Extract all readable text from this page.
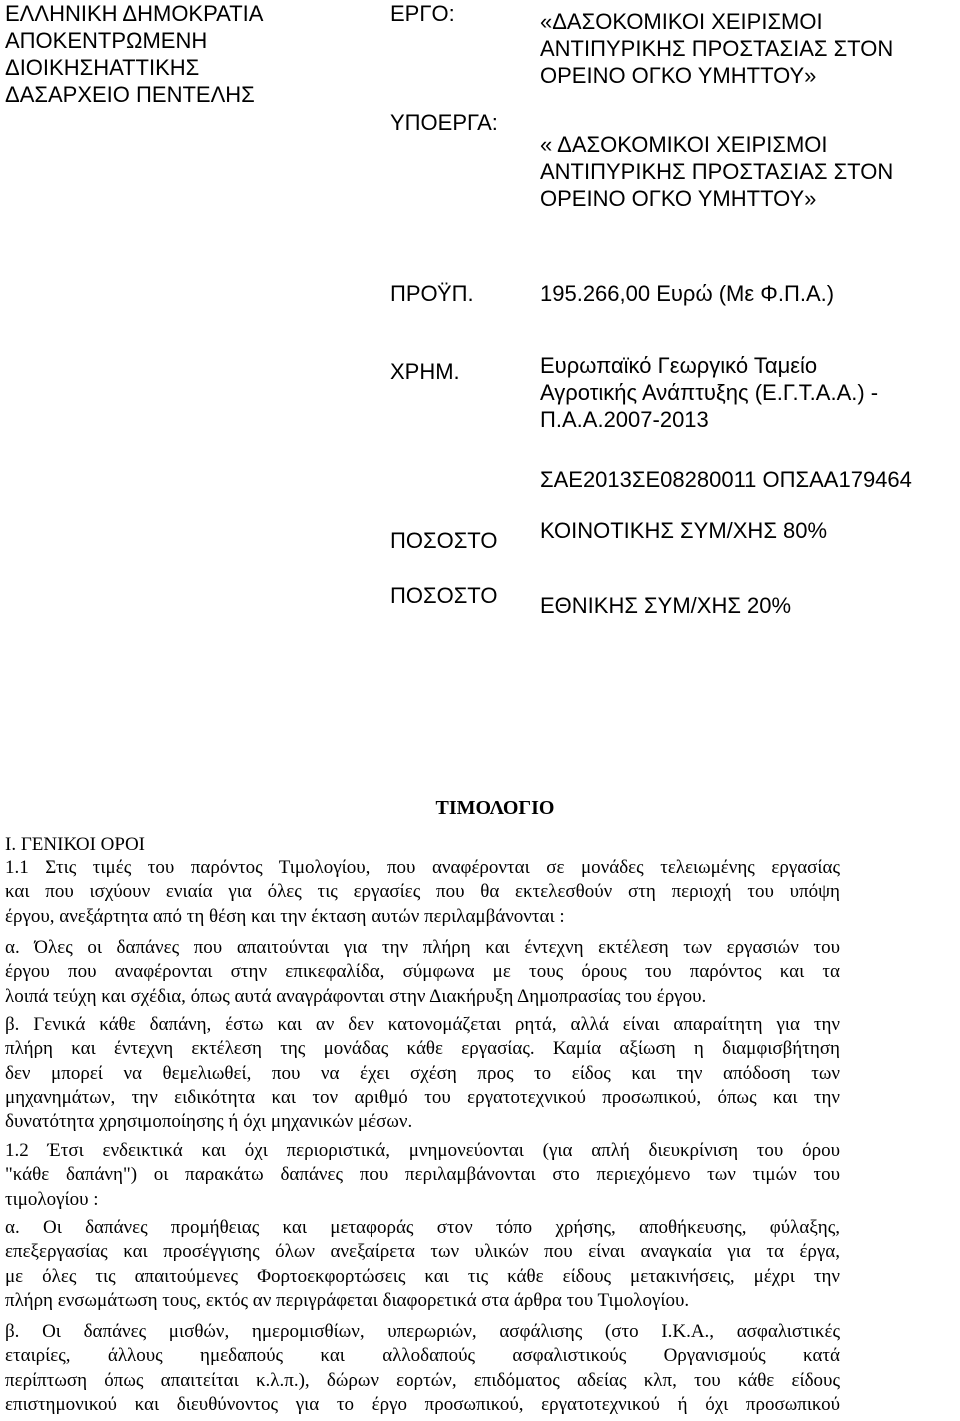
ΕΛΛΗΝΙΚΗ ΔΗΜΟΚΡΑΤΙΑ
ΑΠΟΚΕΝΤΡΩΜΕΝΗ
ΔΙΟΙΚΗΣΗΑΤΤΙΚΗΣ
ΔΑΣΑΡΧΕΙΟ ΠΕΝΤΕΛΗΣ
ΕΡΓΟ:	«ΔΑΣΟΚΟΜΙΚΟΙ ΧΕΙΡΙΣΜΟΙ
ΑΝΤΙΠΥΡΙΚΗΣ ΠΡΟΣΤΑΣΙΑΣ ΣΤΟΝ
ΟΡΕΙΝΟ ΟΓΚΟ ΥΜΗΤΤΟΥ»
ΥΠΟΕΡΓΑ:
« ΔΑΣΟΚΟΜΙΚΟΙ ΧΕΙΡΙΣΜΟΙ
ΑΝΤΙΠΥΡΙΚΗΣ ΠΡΟΣΤΑΣΙΑΣ ΣΤΟΝ
ΟΡΕΙΝΟ ΟΓΚΟ ΥΜΗΤΤΟΥ»
ΠΡΟΫΠ.	195.266,00 Ευρώ (Με Φ.Π.Α.)
ΧΡΗΜ.	Ευρωπαϊκό Γεωργικό Ταμείο
Αγροτικής Ανάπτυξης (Ε.Γ.Τ.Α.Α.) -
Π.Α.Α.2007-2013
ΣΑΕ2013ΣΕ08280011 ΟΠΣΑΑ179464
ΠΟΣΟΣΤΟ ΚΟΙΝΟΤΙΚΗΣ ΣΥΜ/ΧΗΣ 80%
ΠΟΣΟΣΤΟ ΕΘΝΙΚΗΣ ΣΥΜ/ΧΗΣ 20%
ΤΙΜΟΛΟΓΙΟ
Ι. ΓΕΝΙΚΟΙ ΟΡΟΙ
1.1 Στις τιμές του παρόντος Τιμολογίου, που αναφέρονται σε μονάδες τελειωμένης εργασίας
και που ισχύουν ενιαία για όλες τις εργασίες που θα εκτελεσθούν στη περιοχή του υπόψη
έργου, ανεξάρτητα από τη θέση και την έκταση αυτών περιλαμβάνονται :
α. Όλες οι δαπάνες που απαιτούνται για την πλήρη και έντεχνη εκτέλεση των εργασιών του
έργου που αναφέρονται στην επικεφαλίδα, σύμφωνα με τους όρους του παρόντος και τα
λοιπά τεύχη και σχέδια, όπως αυτά αναγράφονται στην Διακήρυξη Δημοπρασίας του έργου.
β. Γενικά κάθε δαπάνη, έστω και αν δεν κατονομάζεται ρητά, αλλά είναι απαραίτητη για την
πλήρη και έντεχνη εκτέλεση της μονάδας κάθε εργασίας. Καμία αξίωση η διαμφισβήτηση
δεν μπορεί να θεμελιωθεί, που να έχει σχέση προς το είδος και την απόδοση των
μηχανημάτων, την ειδικότητα και τον αριθμό του εργατοτεχνικού προσωπικού, όπως και την
δυνατότητα χρησιμοποίησης ή όχι μηχανικών μέσων.
1.2 Έτσι ενδεικτικά και όχι περιοριστικά, μνημονεύονται (για απλή διευκρίνιση του όρου
"κάθε δαπάνη") οι παρακάτω δαπάνες που περιλαμβάνονται στο περιεχόμενο των τιμών του
τιμολογίου :
α. Οι δαπάνες προμήθειας και μεταφοράς στον τόπο χρήσης, αποθήκευσης, φύλαξης,
επεξεργασίας και προσέγγισης όλων ανεξαίρετα των υλικών που είναι αναγκαία για τα έργα,
με όλες τις απαιτούμενες Φορτοεκφορτώσεις και τις κάθε είδους μετακινήσεις, μέχρι την
πλήρη ενσωμάτωση τους, εκτός αν περιγράφεται διαφορετικά στα άρθρα του Τιμολογίου.
β. Οι δαπάνες μισθών, ημερομισθίων, υπερωριών, ασφάλισης (στο Ι.Κ.Α., ασφαλιστικές
εταιρίες, άλλους ημεδαπούς και αλλοδαπούς ασφαλιστικούς Οργανισμούς κατά
περίπτωση όπως απαιτείται κ.λ.π.), δώρων εορτών, επιδόματος αδείας κλπ, του κάθε είδους
επιστημονικού και διευθύνοντος για το έργο προσωπικού, εργατοτεχνικού ή όχι προσωπικού
